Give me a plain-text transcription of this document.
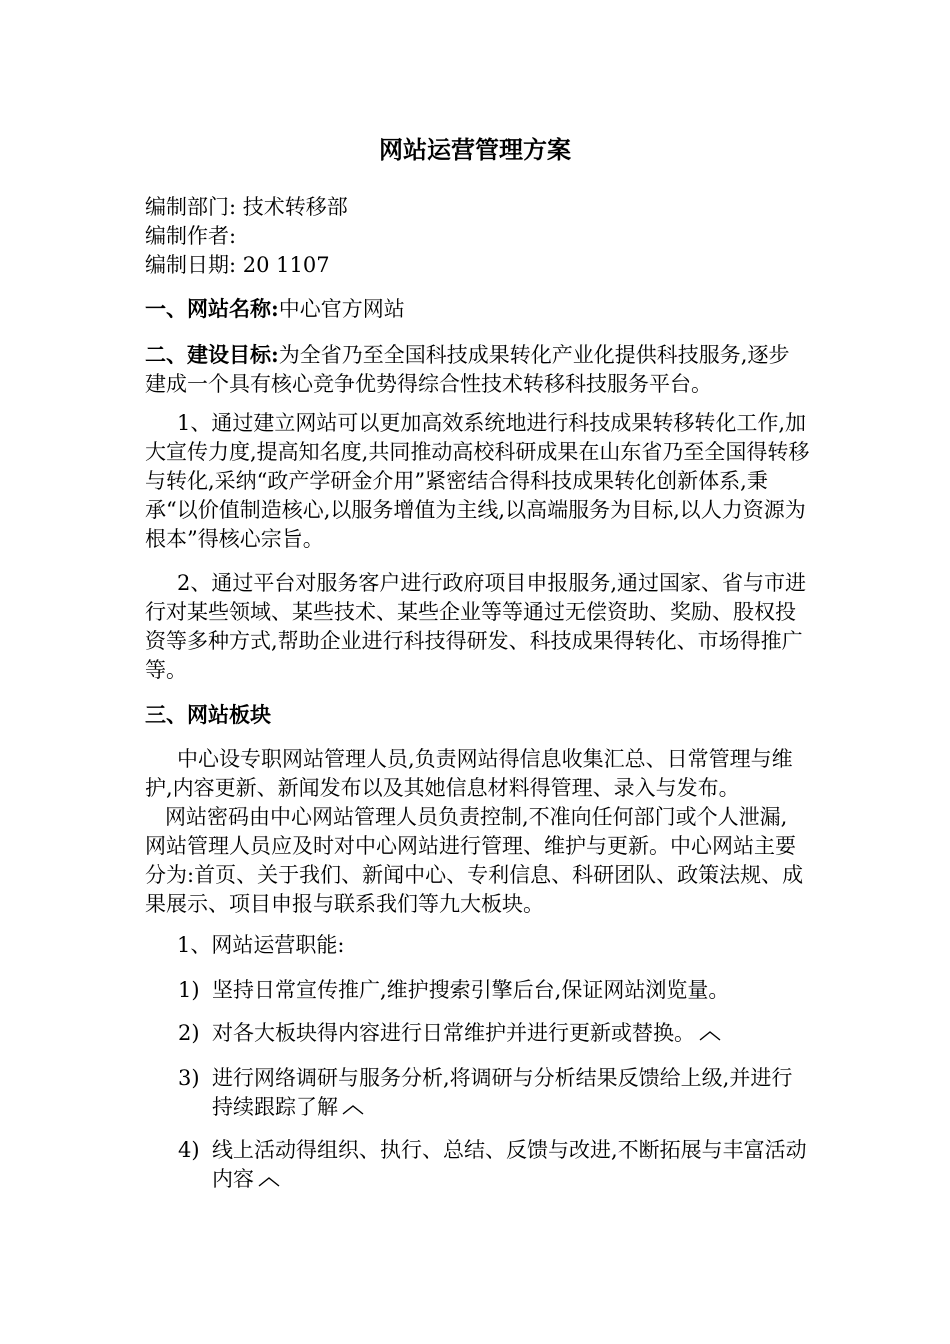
网站运营管理方案
编制部门: 技术转移部
编制作者:
编制日期: 20 1107

一、网站名称:中心官方网站

二、建设目标:为全省乃至全国科技成果转化产业化提供科技服务,逐步建成一个具有核心竞争优势得综合性技术转移科技服务平台。

1、通过建立网站可以更加高效系统地进行科技成果转移转化工作,加大宣传力度,提高知名度,共同推动高校科研成果在山东省乃至全国得转移与转化,采纳“政产学研金介用”紧密结合得科技成果转化创新体系,秉承“以价值制造核心,以服务增值为主线,以高端服务为目标,以人力资源为根本”得核心宗旨。

2、通过平台对服务客户进行政府项目申报服务,通过国家、省与市进行对某些领域、某些技术、某些企业等等通过无偿资助、奖励、股权投资等多种方式,帮助企业进行科技得研发、科技成果得转化、市场得推广等。

三、网站板块

中心设专职网站管理人员,负责网站得信息收集汇总、日常管理与维护,内容更新、新闻发布以及其她信息材料得管理、录入与发布。

网站密码由中心网站管理人员负责控制,不准向任何部门或个人泄漏, 网站管理人员应及时对中心网站进行管理、维护与更新。中心网站主要分为:首页、关于我们、新闻中心、专利信息、科研团队、政策法规、成果展示、项目申报与联系我们等九大板块。

1、网站运营职能:

1) 坚持日常宣传推广,维护搜索引擎后台,保证网站浏览量。
2) 对各大板块得内容进行日常维护并进行更新或替换。
3) 进行网络调研与服务分析,将调研与分析结果反馈给上级,并进行持续跟踪了解
4) 线上活动得组织、执行、总结、反馈与改进,不断拓展与丰富活动内容
